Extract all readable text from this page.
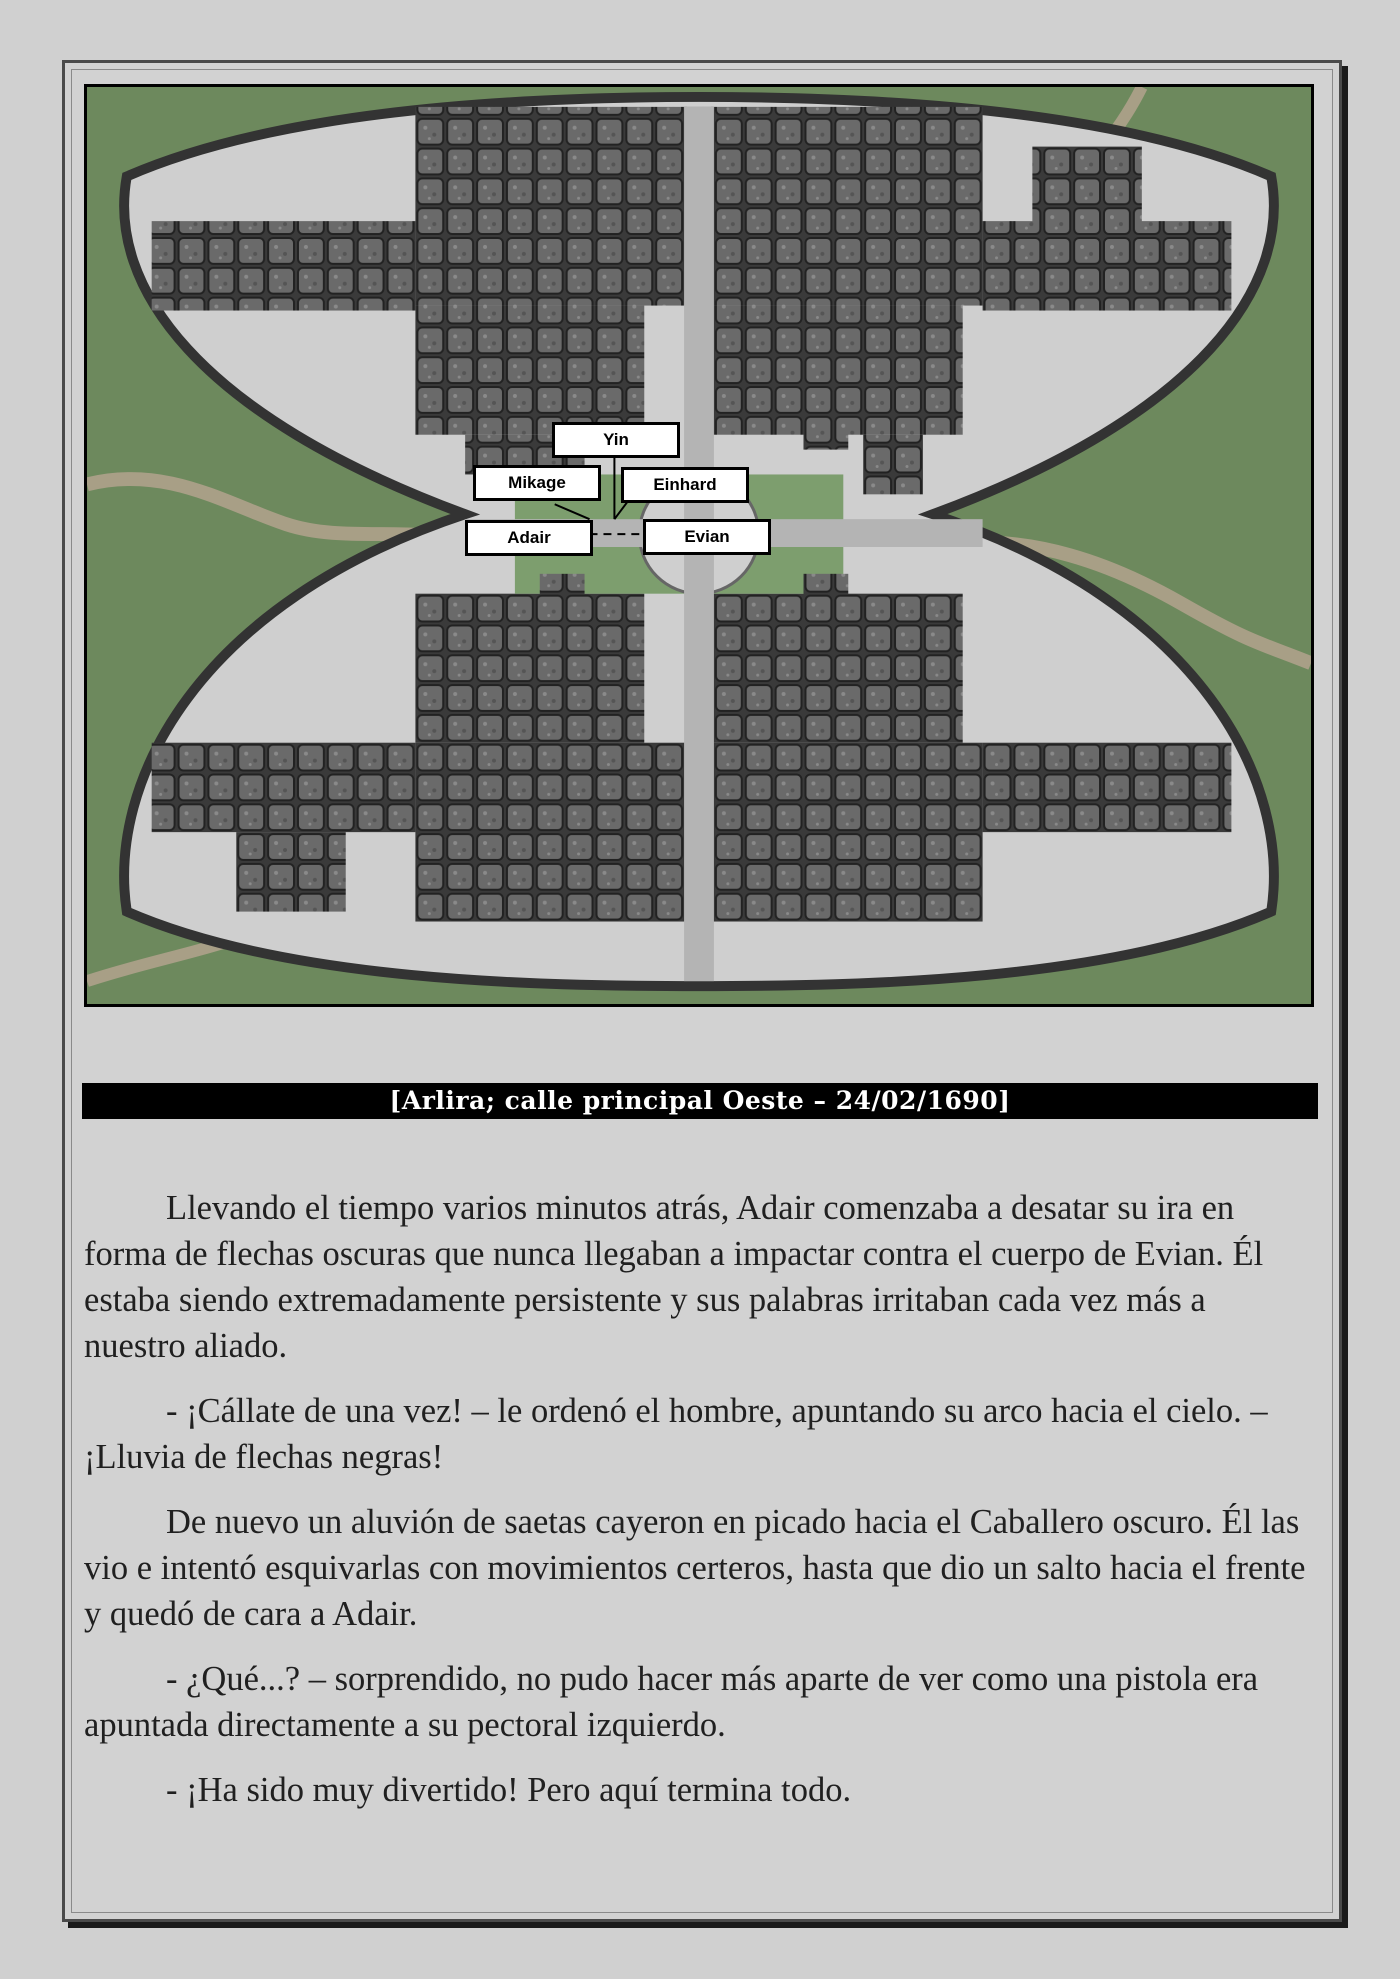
Yin
Mikage	Einhard
Adair	Evian
[Arlira; calle principal Oeste – 24/02/1690]

Llevando el tiempo varios minutos atrás, Adair comenzaba a desatar su ira en forma de flechas oscuras que nunca llegaban a impactar contra el cuerpo de Evian. Él estaba siendo extremadamente persistente y sus palabras irritaban cada vez más a nuestro aliado.

- ¡Cállate de una vez! – le ordenó el hombre, apuntando su arco hacia el cielo. – ¡Lluvia de flechas negras!

De nuevo un aluvión de saetas cayeron en picado hacia el Caballero oscuro. Él las vio e intentó esquivarlas con movimientos certeros, hasta que dio un salto hacia el frente y quedó de cara a Adair.

- ¿Qué...? – sorprendido, no pudo hacer más aparte de ver como una pistola era apuntada directamente a su pectoral izquierdo.

- ¡Ha sido muy divertido! Pero aquí termina todo.
